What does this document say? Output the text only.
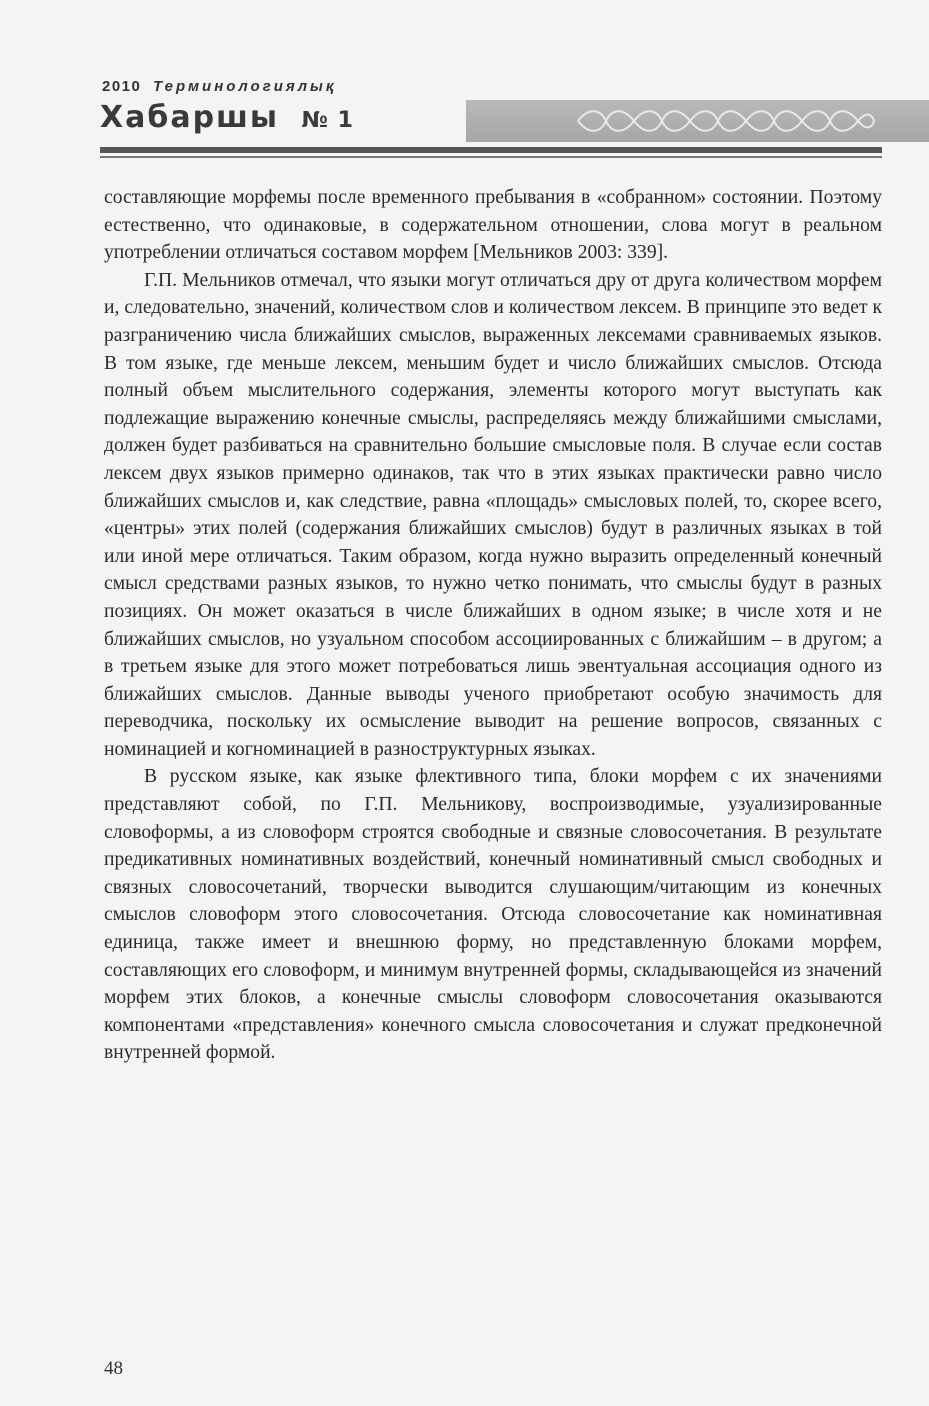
2010 Терминологиялық
Хабаршы № 1

составляющие морфемы после временного пребывания в «собранном» состоянии. Поэтому естественно, что одинаковые, в содержательном отношении, слова могут в реальном употреблении отличаться составом морфем [Мельников 2003: 339].

Г.П. Мельников отмечал, что языки могут отличаться дру от друга количеством морфем и, следовательно, значений, количеством слов и количеством лексем. В принципе это ведет к разграничению числа ближайших смыслов, выраженных лексемами сравниваемых языков. В том языке, где меньше лексем, меньшим будет и число ближайших смыслов. Отсюда полный объем мыслительного содержания, элементы которого могут выступать как подлежащие выражению конечные смыслы, распределяясь между ближайшими смыслами, должен будет разбиваться на сравнительно большие смысловые поля. В случае если состав лексем двух языков примерно одинаков, так что в этих языках практически равно число ближайших смыслов и, как следствие, равна «площадь» смысловых полей, то, скорее всего, «центры» этих полей (содержания ближайших смыслов) будут в различных языках в той или иной мере отличаться. Таким образом, когда нужно выразить определенный конечный смысл средствами разных языков, то нужно четко понимать, что смыслы будут в разных позициях. Он может оказаться в числе ближайших в одном языке; в числе хотя и не ближайших смыслов, но узуальном способом ассоциированных с ближайшим – в другом; а в третьем языке для этого может потребоваться лишь эвентуальная ассоциация одного из ближайших смыслов. Данные выводы ученого приобретают особую значимость для переводчика, поскольку их осмысление выводит на решение вопросов, связанных с номинацией и когноминацией в разноструктурных языках.

В русском языке, как языке флективного типа, блоки морфем с их значениями представляют собой, по Г.П. Мельникову, воспроизводимые, узуализированные словоформы, а из словоформ строятся свободные и связные словосочетания. В результате предикативных номинативных воздействий, конечный номинативный смысл свободных и связных словосочетаний, творчески выводится слушающим/читающим из конечных смыслов словоформ этого словосочетания. Отсюда словосочетание как номинативная единица, также имеет и внешнюю форму, но представленную блоками морфем, составляющих его словоформ, и минимум внутренней формы, складывающейся из значений морфем этих блоков, а конечные смыслы словоформ словосочетания оказываются компонентами «представления» конечного смысла словосочетания и служат предконечной внутренней формой.

48
